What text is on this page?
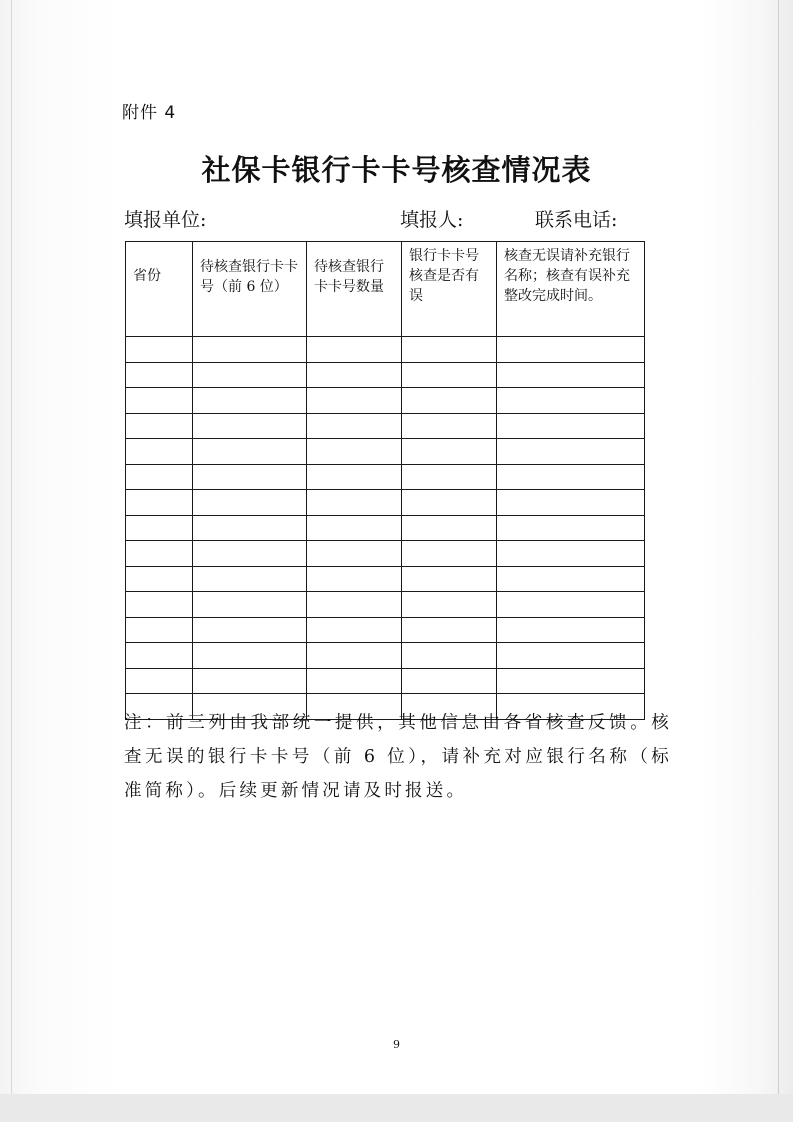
附件 4
社保卡银行卡卡号核查情况表
填报单位:	填报人:	联系电话:
省份	待核查银行卡卡号（前 6 位）	待核查银行卡卡号数量	银行卡卡号核查是否有误	核查无误请补充银行名称；核查有误补充整改完成时间。

注：前三列由我部统一提供，其他信息由各省核查反馈。核查无误的银行卡卡号（前 6 位），请补充对应银行名称（标准简称）。后续更新情况请及时报送。
9
